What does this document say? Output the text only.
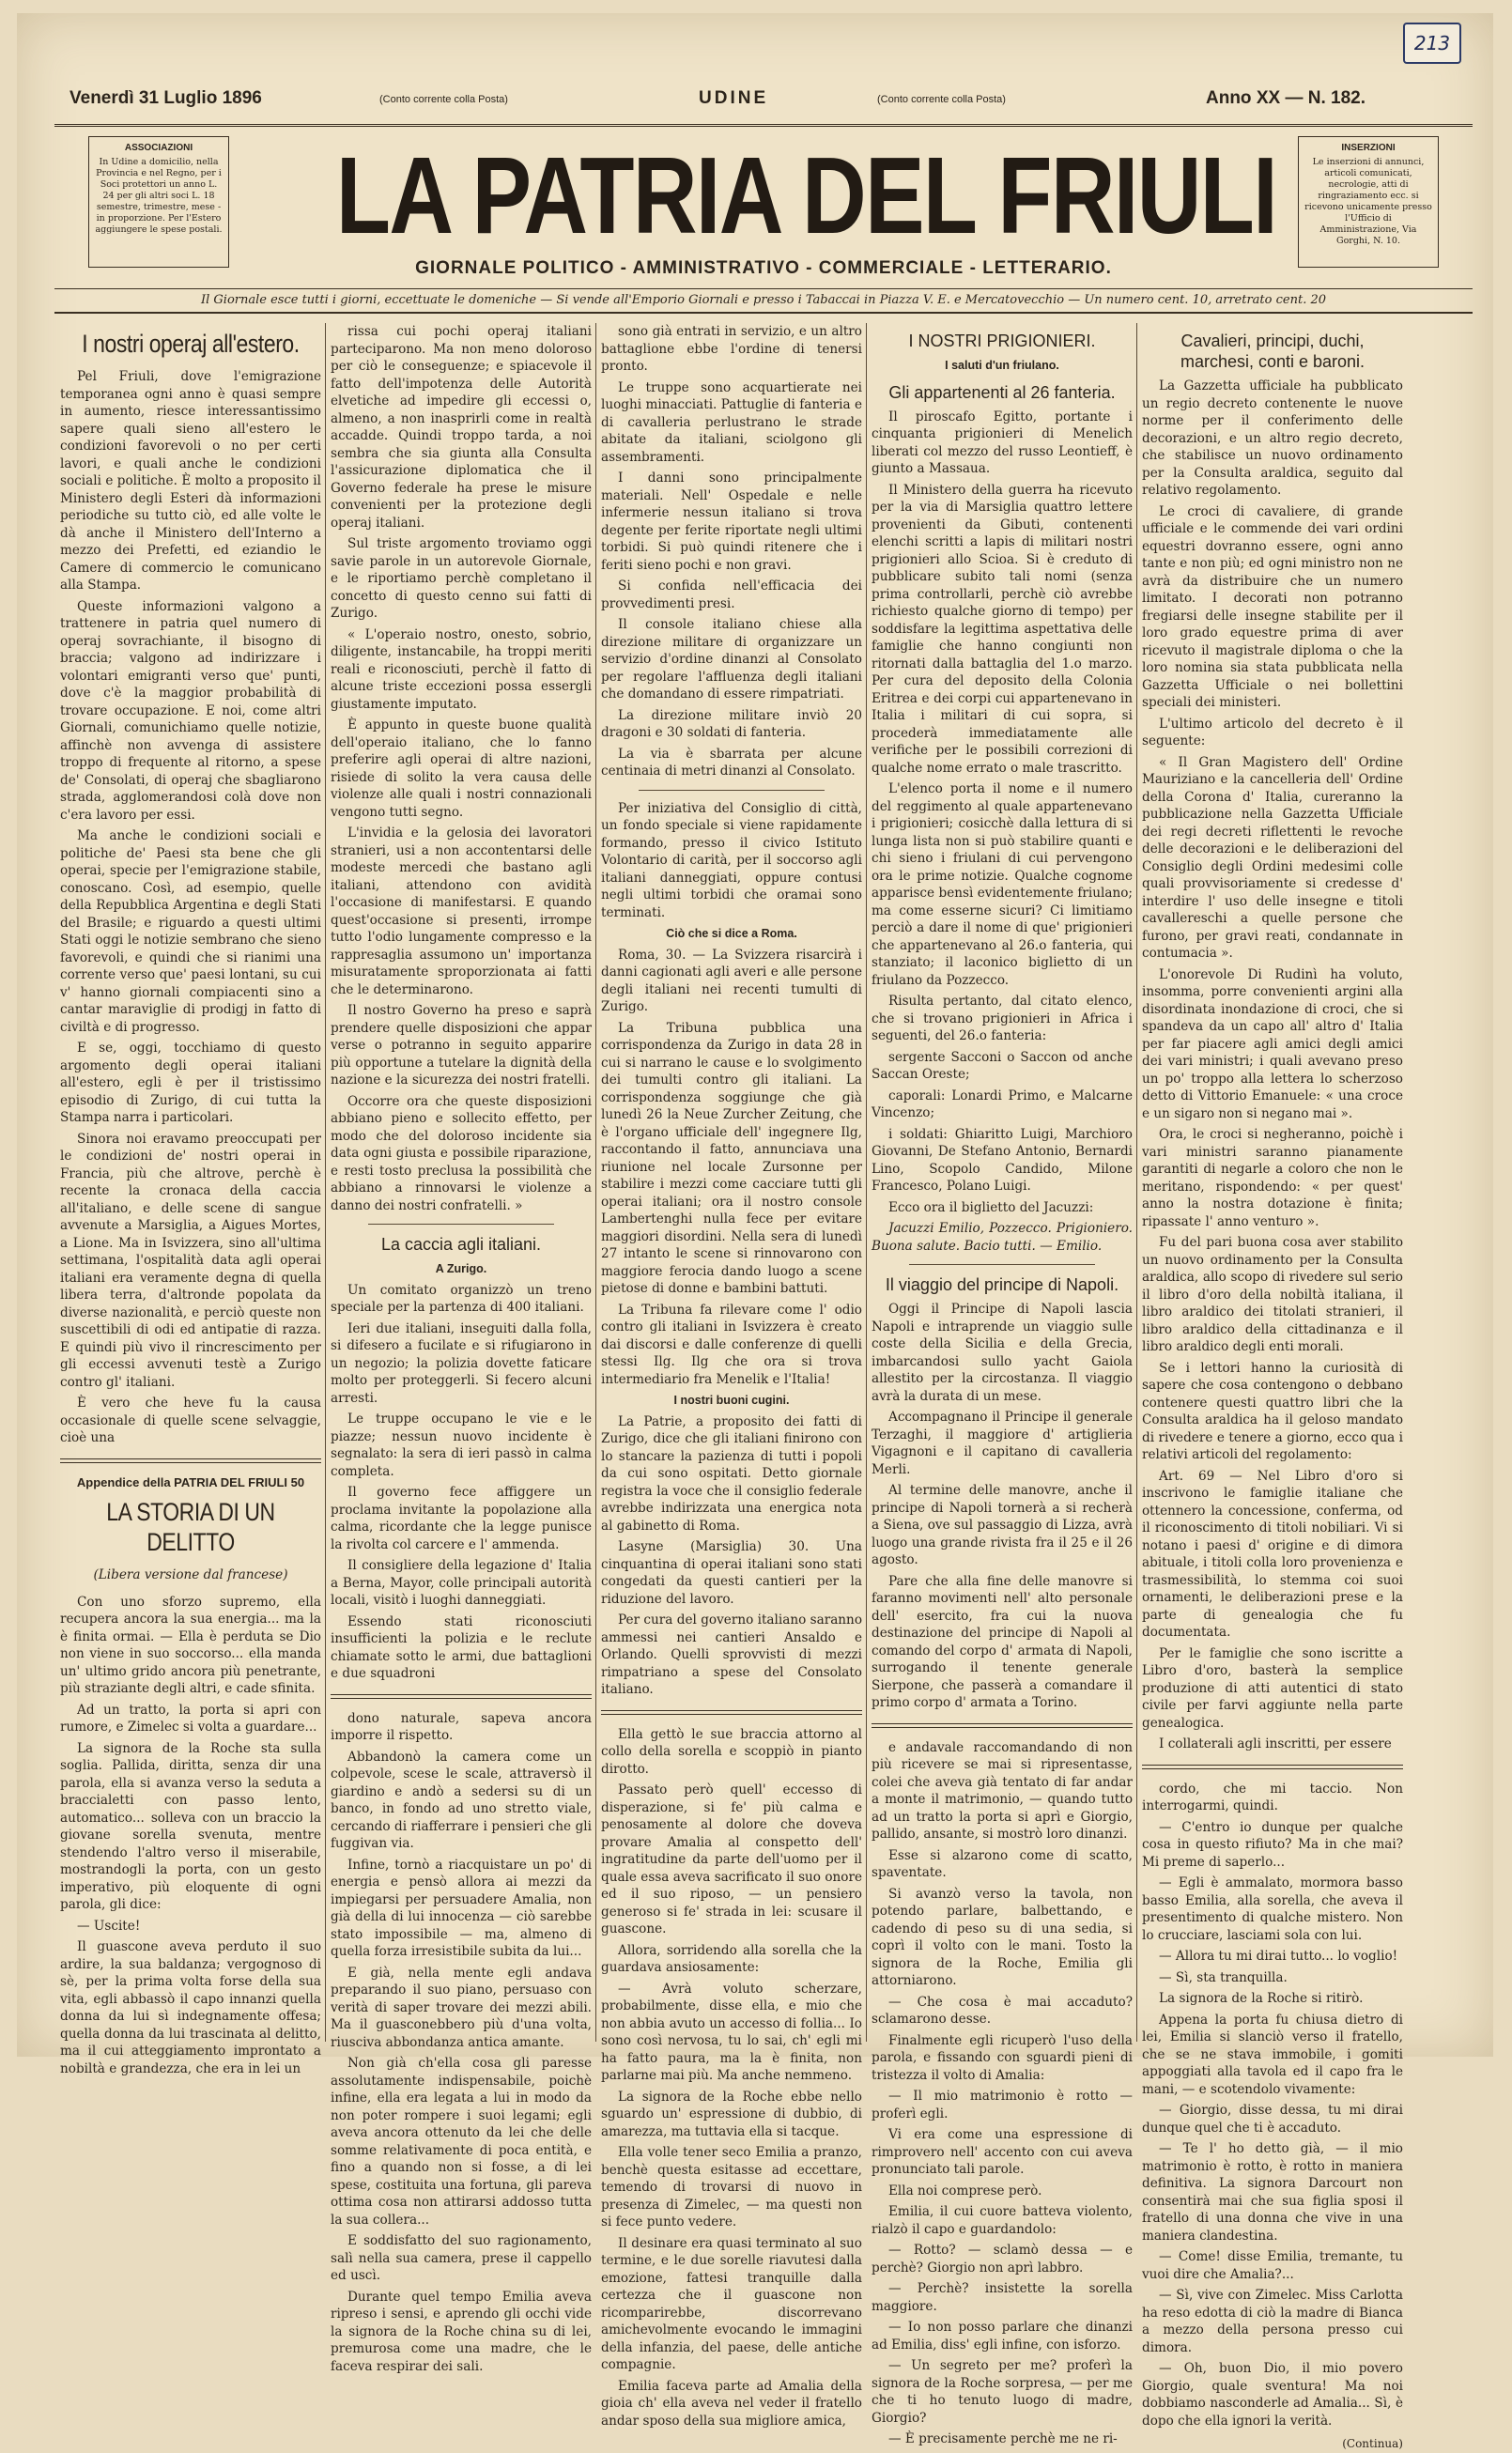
213
Venerdì 31 Luglio 1896	(Conto corrente colla Posta)	UDINE	(Conto corrente colla Posta)	Anno XX — N. 182.
ASSOCIAZIONI
In Udine a domicilio, nella Provincia e nel Regno, per i Soci protettori un anno L. 24 per gli altri soci L. 18 semestre, trimestre, mese - in proporzione. Per l'Estero aggiungere le spese postali. LA PATRIA DEL FRIULI
GIORNALE POLITICO - AMMINISTRATIVO - COMMERCIALE - LETTERARIO.
INSERZIONI
Le inserzioni di annunci, articoli comunicati, necrologie, atti di ringraziamento ecc. si ricevono unicamente presso l'Ufficio di Amministrazione, Via Gorghi, N. 10.
Il Giornale esce tutti i giorni, eccettuate le domeniche — Si vende all'Emporio Giornali e presso i Tabaccai in Piazza V. E. e Mercatovecchio — Un numero cent. 10, arretrato cent. 20
I nostri operaj all'estero.

Pel Friuli, dove l'emigrazione temporanea ogni anno è quasi sempre in aumento, riesce interessantissimo sapere quali sieno all'estero le condizioni favorevoli o no per certi lavori, e quali anche le condizioni sociali e politiche. È molto a proposito il Ministero degli Esteri dà informazioni periodiche su tutto ciò, ed alle volte le dà anche il Ministero dell'Interno a mezzo dei Prefetti, ed eziandio le Camere di commercio le comunicano alla Stampa.

Queste informazioni valgono a trattenere in patria quel numero di operaj sovrachiante, il bisogno di braccia; valgono ad indirizzare i volontari emigranti verso que' punti, dove c'è la maggior probabilità di trovare occupazione. E noi, come altri Giornali, comunichiamo quelle notizie, affinchè non avvenga di assistere troppo di frequente al ritorno, a spese de' Consolati, di operaj che sbagliarono strada, agglomerandosi colà dove non c'era lavoro per essi.

Ma anche le condizioni sociali e politiche de' Paesi sta bene che gli operai, specie per l'emigrazione stabile, conoscano. Così, ad esempio, quelle della Repubblica Argentina e degli Stati del Brasile; e riguardo a questi ultimi Stati oggi le notizie sembrano che sieno favorevoli, e quindi che si rianimi una corrente verso que' paesi lontani, su cui v' hanno giornali compiacenti sino a cantar maraviglie di prodigj in fatto di civiltà e di progresso.

E se, oggi, tocchiamo di questo argomento degli operai italiani all'estero, egli è per il tristissimo episodio di Zurigo, di cui tutta la Stampa narra i particolari.

Sinora noi eravamo preoccupati per le condizioni de' nostri operai in Francia, più che altrove, perchè è recente la cronaca della caccia all'italiano, e delle scene di sangue avvenute a Marsiglia, a Aigues Mortes, a Lione. Ma in Isvizzera, sino all'ultima settimana, l'ospitalità data agli operai italiani era veramente degna di quella libera terra, d'altronde popolata da diverse nazionalità, e perciò queste non suscettibili di odi ed antipatie di razza. E quindi più vivo il rincrescimento per gli eccessi avvenuti testè a Zurigo contro gl' italiani.

È vero che heve fu la causa occasionale di quelle scene selvaggie, cioè una

Appendice della PATRIA DEL FRIULI 50
LA STORIA DI UN DELITTO
(Libera versione dal francese)

Con uno sforzo supremo, ella recupera ancora la sua energia... ma la è finita ormai. — Ella è perduta se Dio non viene in suo soccorso... ella manda un' ultimo grido ancora più penetrante, più straziante degli altri, e cade sfinita.

Ad un tratto, la porta si apri con rumore, e Zimelec si volta a guardare...

La signora de la Roche sta sulla soglia. Pallida, diritta, senza dir una parola, ella si avanza verso la seduta a braccialetti con passo lento, automatico... solleva con un braccio la giovane sorella svenuta, mentre stendendo l'altro verso il miserabile, mostrandogli la porta, con un gesto imperativo, più eloquente di ogni parola, gli dice:

— Uscite!

Il guascone aveva perduto il suo ardire, la sua baldanza; vergognoso di sè, per la prima volta forse della sua vita, egli abbassò il capo innanzi quella donna da lui sì indegnamente offesa; quella donna da lui trascinata al delitto, ma il cui atteggiamento improntato a nobiltà e grandezza, che era in lei un

rissa cui pochi operaj italiani parteciparono. Ma non meno doloroso per ciò le conseguenze; e spiacevole il fatto dell'impotenza delle Autorità elvetiche ad impedire gli eccessi o, almeno, a non inasprirli come in realtà accadde. Quindi troppo tarda, a noi sembra che sia giunta alla Consulta l'assicurazione diplomatica che il Governo federale ha prese le misure convenienti per la protezione degli operaj italiani.

Sul triste argomento troviamo oggi savie parole in un autorevole Giornale, e le riportiamo perchè completano il concetto di questo cenno sui fatti di Zurigo.

« L'operaio nostro, onesto, sobrio, diligente, instancabile, ha troppi meriti reali e riconosciuti, perchè il fatto di alcune triste eccezioni possa essergli giustamente imputato.

È appunto in queste buone qualità dell'operaio italiano, che lo fanno preferire agli operai di altre nazioni, risiede di solito la vera causa delle violenze alle quali i nostri connazionali vengono tutti segno.

L'invidia e la gelosia dei lavoratori stranieri, usi a non accontentarsi delle modeste mercedi che bastano agli italiani, attendono con avidità l'occasione di manifestarsi. E quando quest'occasione si presenti, irrompe tutto l'odio lungamente compresso e la rappresaglia assumono un' importanza misuratamente sproporzionata ai fatti che le determinarono.

Il nostro Governo ha preso e saprà prendere quelle disposizioni che appar verse o potranno in seguito apparire più opportune a tutelare la dignità della nazione e la sicurezza dei nostri fratelli.

Occorre ora che queste disposizioni abbiano pieno e sollecito effetto, per modo che del doloroso incidente sia data ogni giusta e possibile riparazione, e resti tosto preclusa la possibilità che abbiano a rinnovarsi le violenze a danno dei nostri confratelli. »

La caccia agli italiani.
A Zurigo.

Un comitato organizzò un treno speciale per la partenza di 400 italiani.

Ieri due italiani, inseguiti dalla folla, si difesero a fucilate e si rifugiarono in un negozio; la polizia dovette faticare molto per proteggerli. Si fecero alcuni arresti.

Le truppe occupano le vie e le piazze; nessun nuovo incidente è segnalato: la sera di ieri passò in calma completa.

Il governo fece affiggere un proclama invitante la popolazione alla calma, ricordante che la legge punisce la rivolta col carcere e l' ammenda.

Il consigliere della legazione d' Italia a Berna, Mayor, colle principali autorità locali, visitò i luoghi danneggiati.

Essendo stati riconosciuti insufficienti la polizia e le reclute chiamate sotto le armi, due battaglioni e due squadroni

dono naturale, sapeva ancora imporre il rispetto.

Abbandonò la camera come un colpevole, scese le scale, attraversò il giardino e andò a sedersi su di un banco, in fondo ad uno stretto viale, cercando di riafferrare i pensieri che gli fuggivan via.

Infine, tornò a riacquistare un po' di energia e pensò allora ai mezzi da impiegarsi per persuadere Amalia, non già della di lui innocenza — ciò sarebbe stato impossibile — ma, almeno di quella forza irresistibile subita da lui...

E già, nella mente egli andava preparando il suo piano, persuaso con verità di saper trovare dei mezzi abili. Ma il guasconebbero più d'una volta, riusciva abbondanza antica amante.

Non già ch'ella cosa gli paresse assolutamente indispensabile, poichè infine, ella era legata a lui in modo da non poter rompere i suoi legami; egli aveva ancora ottenuto da lei che delle somme relativamente di poca entità, e fino a quando non si fosse, a di lei spese, costituita una fortuna, gli pareva ottima cosa non attirarsi addosso tutta la sua collera...

E soddisfatto del suo ragionamento, salì nella sua camera, prese il cappello ed uscì.

Durante quel tempo Emilia aveva ripreso i sensi, e aprendo gli occhi vide la signora de la Roche china su di lei, premurosa come una madre, che le faceva respirar dei sali.

sono già entrati in servizio, e un altro battaglione ebbe l'ordine di tenersi pronto.

Le truppe sono acquartierate nei luoghi minacciati. Pattuglie di fanteria e di cavalleria perlustrano le strade abitate da italiani, sciolgono gli assembramenti.

I danni sono principalmente materiali. Nell' Ospedale e nelle infermerie nessun italiano si trova degente per ferite riportate negli ultimi torbidi. Si può quindi ritenere che i feriti sieno pochi e non gravi.

Si confida nell'efficacia dei provvedimenti presi.

Il console italiano chiese alla direzione militare di organizzare un servizio d'ordine dinanzi al Consolato per regolare l'affluenza degli italiani che domandano di essere rimpatriati.

La direzione militare inviò 20 dragoni e 30 soldati di fanteria.

La via è sbarrata per alcune centinaia di metri dinanzi al Consolato.

Per iniziativa del Consiglio di città, un fondo speciale si viene rapidamente formando, presso il civico Istituto Volontario di carità, per il soccorso agli italiani danneggiati, oppure contusi negli ultimi torbidi che oramai sono terminati.

Ciò che si dice a Roma.

Roma, 30. — La Svizzera risarcirà i danni cagionati agli averi e alle persone degli italiani nei recenti tumulti di Zurigo.

La Tribuna pubblica una corrispondenza da Zurigo in data 28 in cui si narrano le cause e lo svolgimento dei tumulti contro gli italiani. La corrispondenza soggiunge che già lunedì 26 la Neue Zurcher Zeitung, che è l'organo ufficiale dell' ingegnere Ilg, raccontando il fatto, annunciava una riunione nel locale Zursonne per stabilire i mezzi come cacciare tutti gli operai italiani; ora il nostro console Lambertenghi nulla fece per evitare maggiori disordini. Nella sera di lunedì 27 intanto le scene si rinnovarono con maggiore ferocia dando luogo a scene pietose di donne e bambini battuti.

La Tribuna fa rilevare come l' odio contro gli italiani in Isvizzera è creato dai discorsi e dalle conferenze di quelli stessi Ilg. Ilg che ora si trova intermediario fra Menelik e l'Italia!

I nostri buoni cugini.

La Patrie, a proposito dei fatti di Zurigo, dice che gli italiani finirono con lo stancare la pazienza di tutti i popoli da cui sono ospitati. Detto giornale registra la voce che il consiglio federale avrebbe indirizzata una energica nota al gabinetto di Roma.

Lasyne (Marsiglia) 30. Una cinquantina di operai italiani sono stati congedati da questi cantieri per la riduzione del lavoro.

Per cura del governo italiano saranno ammessi nei cantieri Ansaldo e Orlando. Quelli sprovvisti di mezzi rimpatriano a spese del Consolato italiano.

Ella gettò le sue braccia attorno al collo della sorella e scoppiò in pianto dirotto.

Passato però quell' eccesso di disperazione, si fe' più calma e penosamente al dolore che doveva provare Amalia al conspetto dell' ingratitudine da parte dell'uomo per il quale essa aveva sacrificato il suo onore ed il suo riposo, — un pensiero generoso si fe' strada in lei: scusare il guascone.

Allora, sorridendo alla sorella che la guardava ansiosamente:

— Avrà voluto scherzare, probabilmente, disse ella, e mio che non abbia avuto un accesso di follia... Io sono così nervosa, tu lo sai, ch' egli mi ha fatto paura, ma la è finita, non parlarne mai più. Ma anche nemmeno.

La signora de la Roche ebbe nello sguardo un' espressione di dubbio, di amarezza, ma tuttavia ella si tacque.

Ella volle tener seco Emilia a pranzo, benchè questa esitasse ad eccettare, temendo di trovarsi di nuovo in presenza di Zimelec, — ma questi non si fece punto vedere.

Il desinare era quasi terminato al suo termine, e le due sorelle riavutesi dalla emozione, fattesi tranquille dalla certezza che il guascone non ricomparirebbe, discorrevano amichevolmente evocando le immagini della infanzia, del paese, delle antiche compagnie.

Emilia faceva parte ad Amalia della gioia ch' ella aveva nel veder il fratello andar sposo della sua migliore amica,

I NOSTRI PRIGIONIERI.
I saluti d'un friulano.
Gli appartenenti al 26 fanteria.

Il piroscafo Egitto, portante i cinquanta prigionieri di Menelich liberati col mezzo del russo Leontieff, è giunto a Massaua.

Il Ministero della guerra ha ricevuto per la via di Marsiglia quattro lettere provenienti da Gibuti, contenenti elenchi scritti a lapis di militari nostri prigionieri allo Scioa. Si è creduto di pubblicare subito tali nomi (senza prima controllarli, perchè ciò avrebbe richiesto qualche giorno di tempo) per soddisfare la legittima aspettativa delle famiglie che hanno congiunti non ritornati dalla battaglia del 1.o marzo. Per cura del deposito della Colonia Eritrea e dei corpi cui appartenevano in Italia i militari di cui sopra, si procederà immediatamente alle verifiche per le possibili correzioni di qualche nome errato o male trascritto.

L'elenco porta il nome e il numero del reggimento al quale appartenevano i prigionieri; cosicchè dalla lettura di si lunga lista non si può stabilire quanti e chi sieno i friulani di cui pervengono ora le prime notizie. Qualche cognome apparisce bensì evidentemente friulano; ma come esserne sicuri? Ci limitiamo perciò a dare il nome di que' prigionieri che appartenevano al 26.o fanteria, qui stanziato; il laconico biglietto di un friulano da Pozzecco.

Risulta pertanto, dal citato elenco, che si trovano prigionieri in Africa i seguenti, del 26.o fanteria:

sergente Sacconi o Saccon od anche Saccan Oreste;

caporali: Lonardi Primo, e Malcarne Vincenzo;

i soldati: Ghiaritto Luigi, Marchioro Giovanni, De Stefano Antonio, Bernardi Lino, Scopolo Candido, Milone Francesco, Polano Luigi.

Ecco ora il biglietto del Jacuzzi:

Jacuzzi Emilio, Pozzecco. Prigioniero. Buona salute. Bacio tutti. — Emilio.

Il viaggio del principe di Napoli.

Oggi il Principe di Napoli lascia Napoli e intraprende un viaggio sulle coste della Sicilia e della Grecia, imbarcandosi sullo yacht Gaiola allestito per la circostanza. Il viaggio avrà la durata di un mese.

Accompagnano il Principe il generale Terzaghi, il maggiore d' artiglieria Vigagnoni e il capitano di cavalleria Merli.

Al termine delle manovre, anche il principe di Napoli tornerà a si recherà a Siena, ove sul passaggio di Lizza, avrà luogo una grande rivista fra il 25 e il 26 agosto.

Pare che alla fine delle manovre si faranno movimenti nell' alto personale dell' esercito, fra cui la nuova destinazione del principe di Napoli al comando del corpo d' armata di Napoli, surrogando il tenente generale Sierpone, che passerà a comandare il primo corpo d' armata a Torino.

e andavale raccomandando di non più ricevere se mai si ripresentasse, colei che aveva già tentato di far andar a monte il matrimonio, — quando tutto ad un tratto la porta si aprì e Giorgio, pallido, ansante, si mostrò loro dinanzi.

Esse si alzarono come di scatto, spaventate.

Si avanzò verso la tavola, non potendo parlare, balbettando, e cadendo di peso su di una sedia, si coprì il volto con le mani. Tosto la signora de la Roche, Emilia gli attorniarono.

— Che cosa è mai accaduto? sclamarono desse.

Finalmente egli ricuperò l'uso della parola, e fissando con sguardi pieni di tristezza il volto di Amalia:

— Il mio matrimonio è rotto — proferì egli.

Vi era come una espressione di rimprovero nell' accento con cui aveva pronunciato tali parole.

Ella noi comprese però.

Emilia, il cui cuore batteva violento, rialzò il capo e guardandolo:

— Rotto? — sclamò dessa — e perchè? Giorgio non aprì labbro.

— Perchè? insistette la sorella maggiore.

— Io non posso parlare che dinanzi ad Emilia, diss' egli infine, con isforzo.

— Un segreto per me? proferì la signora de la Roche sorpresa, — per me che ti ho tenuto luogo di madre, Giorgio?

— È precisamente perchè me ne ri-

Cavalieri, principi, duchi, marchesi, conti e baroni.

La Gazzetta ufficiale ha pubblicato un regio decreto contenente le nuove norme per il conferimento delle decorazioni, e un altro regio decreto, che stabilisce un nuovo ordinamento per la Consulta araldica, seguito dal relativo regolamento.

Le croci di cavaliere, di grande ufficiale e le commende dei vari ordini equestri dovranno essere, ogni anno tante e non più; ed ogni ministro non ne avrà da distribuire che un numero limitato. I decorati non potranno fregiarsi delle insegne stabilite per il loro grado equestre prima di aver ricevuto il magistrale diploma o che la loro nomina sia stata pubblicata nella Gazzetta Ufficiale o nei bollettini speciali dei ministeri.

L'ultimo articolo del decreto è il seguente:

« Il Gran Magistero dell' Ordine Mauriziano e la cancelleria dell' Ordine della Corona d' Italia, cureranno la pubblicazione nella Gazzetta Ufficiale dei regi decreti riflettenti le revoche delle decorazioni e le deliberazioni del Consiglio degli Ordini medesimi colle quali provvisoriamente si credesse d' interdire l' uso delle insegne e titoli cavallereschi a quelle persone che furono, per gravi reati, condannate in contumacia ».

L'onorevole Di Rudinì ha voluto, insomma, porre convenienti argini alla disordinata inondazione di croci, che si spandeva da un capo all' altro d' Italia per far piacere agli amici degli amici dei vari ministri; i quali avevano preso un po' troppo alla lettera lo scherzoso detto di Vittorio Emanuele: « una croce e un sigaro non si negano mai ».

Ora, le croci si negheranno, poichè i vari ministri saranno pianamente garantiti di negarle a coloro che non le meritano, rispondendo: « per quest' anno la nostra dotazione è finita; ripassate l' anno venturo ».

Fu del pari buona cosa aver stabilito un nuovo ordinamento per la Consulta araldica, allo scopo di rivedere sul serio il libro d'oro della nobiltà italiana, il libro araldico dei titolati stranieri, il libro araldico della cittadinanza e il libro araldico degli enti morali.

Se i lettori hanno la curiosità di sapere che cosa contengono o debbano contenere questi quattro libri che la Consulta araldica ha il geloso mandato di rivedere e tenere a giorno, ecco qua i relativi articoli del regolamento:

Art. 69 — Nel Libro d'oro si inscrivono le famiglie italiane che ottennero la concessione, conferma, od il riconoscimento di titoli nobiliari. Vi si notano i paesi d' origine e di dimora abituale, i titoli colla loro provenienza e trasmessibilità, lo stemma coi suoi ornamenti, le deliberazioni prese e la parte di genealogia che fu documentata.

Per le famiglie che sono iscritte a Libro d'oro, basterà la semplice produzione di atti autentici di stato civile per farvi aggiunte nella parte genealogica.

I collaterali agli inscritti, per essere

cordo, che mi taccio. Non interrogarmi, quindi.

— C'entro io dunque per qualche cosa in questo rifiuto? Ma in che mai? Mi preme di saperlo...

— Egli è ammalato, mormora basso basso Emilia, alla sorella, che aveva il presentimento di qualche mistero. Non lo crucciare, lasciami sola con lui.

— Allora tu mi dirai tutto... lo voglio!

— Sì, sta tranquilla.

La signora de la Roche si ritirò.

Appena la porta fu chiusa dietro di lei, Emilia si slanciò verso il fratello, che se ne stava immobile, i gomiti appoggiati alla tavola ed il capo fra le mani, — e scotendolo vivamente:

— Giorgio, disse dessa, tu mi dirai dunque quel che ti è accaduto.

— Te l' ho detto già, — il mio matrimonio è rotto, è rotto in maniera definitiva. La signora Darcourt non consentirà mai che sua figlia sposi il fratello di una donna che vive in una maniera clandestina.

— Come! disse Emilia, tremante, tu vuoi dire che Amalia?...

— Sì, vive con Zimelec. Miss Carlotta ha reso edotta di ciò la madre di Bianca a mezzo della persona presso cui dimora.

— Oh, buon Dio, il mio povero Giorgio, quale sventura! Ma noi dobbiamo nasconderle ad Amalia... Sì, è dopo che ella ignori la verità.

(Continua)
